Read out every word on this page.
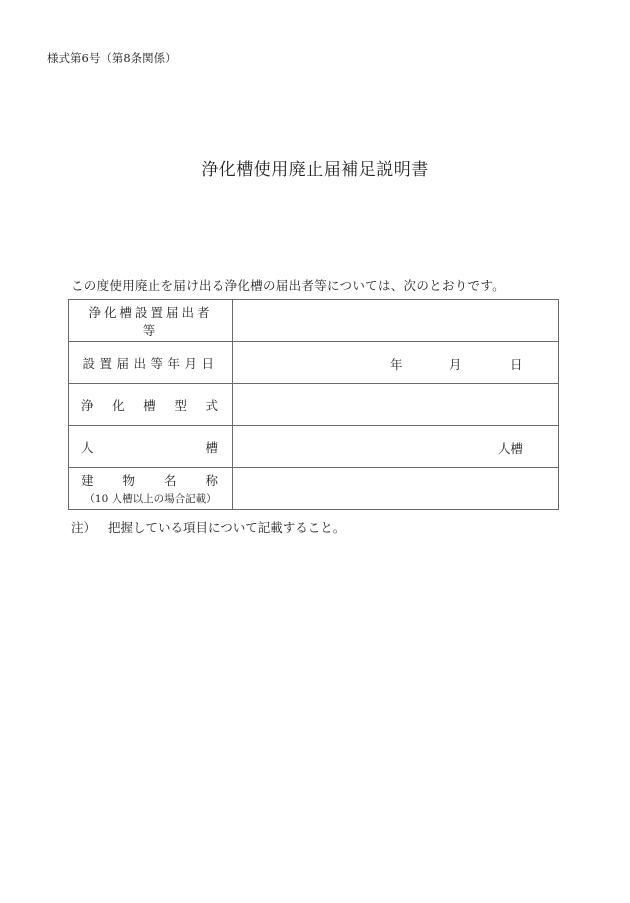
様式第6号（第8条関係）
浄化槽使用廃止届補足説明書
この度使用廃止を届け出る浄化槽の届出者等については、次のとおりです。
浄化槽設置届出者等	

設置届出等年月日	年 月 日

浄 化 槽 型 式	

人 槽	人槽

建 物 名 称
（10 人槽以上の場合記載）	

注） 把握している項目について記載すること。
